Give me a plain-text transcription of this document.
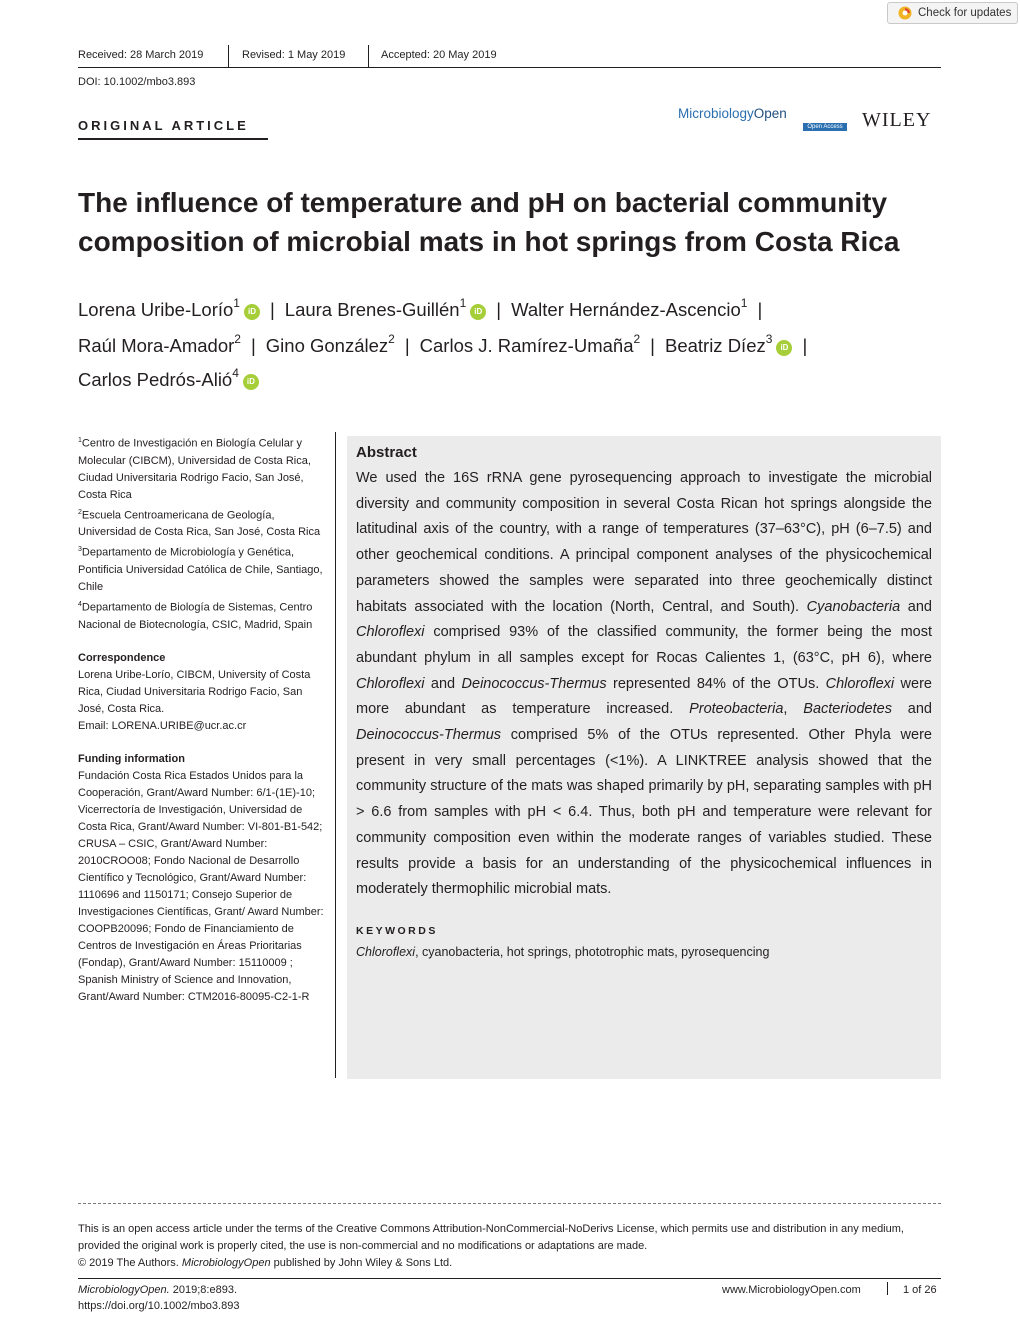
Check for updates
Received: 28 March 2019	Revised: 1 May 2019	Accepted: 20 May 2019
DOI: 10.1002/mbo3.893
ORIGINAL ARTICLE
MicrobiologyOpen
Open Access WILEY
The influence of temperature and pH on bacterial community composition of microbial mats in hot springs from Costa Rica
Lorena Uribe-Loríο$^1$iD | Laura Brenes-Guillén$^1$iD | Walter Hernández-Ascencio$^1$ |
Raúl Mora-Amador$^2$ | Gino González$^2$ | Carlos J. Ramírez-Umaña$^2$ | Beatriz Díez$^3$iD |
Carlos Pedrós-Alió$^4$iD

$^1$Centro de Investigación en Biología Celular y Molecular (CIBCM), Universidad de Costa Rica, Ciudad Universitaria Rodrigo Facio, San José, Costa Rica

$^2$Escuela Centroamericana de Geología, Universidad de Costa Rica, San José, Costa Rica

$^3$Departamento de Microbiología y Genética, Pontificia Universidad Católica de Chile, Santiago, Chile

$^4$Departamento de Biología de Sistemas, Centro Nacional de Biotecnología, CSIC, Madrid, Spain

Correspondence

Lorena Uribe-Lorío, CIBCM, University of Costa Rica, Ciudad Universitaria Rodrigo Facio, San José, Costa Rica.

Email: LORENA.URIBE@ucr.ac.cr

Funding information

Fundación Costa Rica Estados Unidos para la Cooperación, Grant/Award Number: 6/1-(1E)-10; Vicerrectoría de Investigación, Universidad de Costa Rica, Grant/Award Number: VI-801-B1-542; CRUSA – CSIC, Grant/Award Number: 2010CROO08; Fondo Nacional de Desarrollo Científico y Tecnológico, Grant/Award Number: 1110696 and 1150171; Consejo Superior de Investigaciones Científicas, Grant/ Award Number: COOPB20096; Fondo de Financiamiento de Centros de Investigación en Áreas Prioritarias (Fondap), Grant/Award Number: 15110009 ; Spanish Ministry of Science and Innovation, Grant/Award Number: CTM2016-80095-C2-1-R

Abstract
We used the 16S rRNA gene pyrosequencing approach to investigate the microbial diversity and community composition in several Costa Rican hot springs alongside the latitudinal axis of the country, with a range of temperatures (37–63°C), pH (6–7.5) and other geochemical conditions. A principal component analyses of the physicochemical parameters showed the samples were separated into three geochemically distinct habitats associated with the location (North, Central, and South). Cyanobacteria and Chloroflexi comprised 93% of the classified community, the former being the most abundant phylum in all samples except for Rocas Calientes 1, (63°C, pH 6), where Chloroflexi and Deinococcus-Thermus represented 84% of the OTUs. Chloroflexi were more abundant as temperature increased. Proteobacteria, Bacteriodetes and Deinococcus-Thermus comprised 5% of the OTUs represented. Other Phyla were present in very small percentages (<1%). A LINKTREE analysis showed that the community structure of the mats was shaped primarily by pH, separating samples with pH > 6.6 from samples with pH < 6.4. Thus, both pH and temperature were relevant for community composition even within the moderate ranges of variables studied. These results provide a basis for an understanding of the physicochemical influences in moderately thermophilic microbial mats.
KEYWORDS
Chloroflexi, cyanobacteria, hot springs, phototrophic mats, pyrosequencing

This is an open access article under the terms of the Creative Commons Attribution-NonCommercial-NoDerivs License, which permits use and distribution in any medium, provided the original work is properly cited, the use is non-commercial and no modifications or adaptations are made.

© 2019 The Authors. MicrobiologyOpen published by John Wiley & Sons Ltd.

MicrobiologyOpen. 2019;8:e893.
https://doi.org/10.1002/mbo3.893
www.MicrobiologyOpen.com	1 of 26
